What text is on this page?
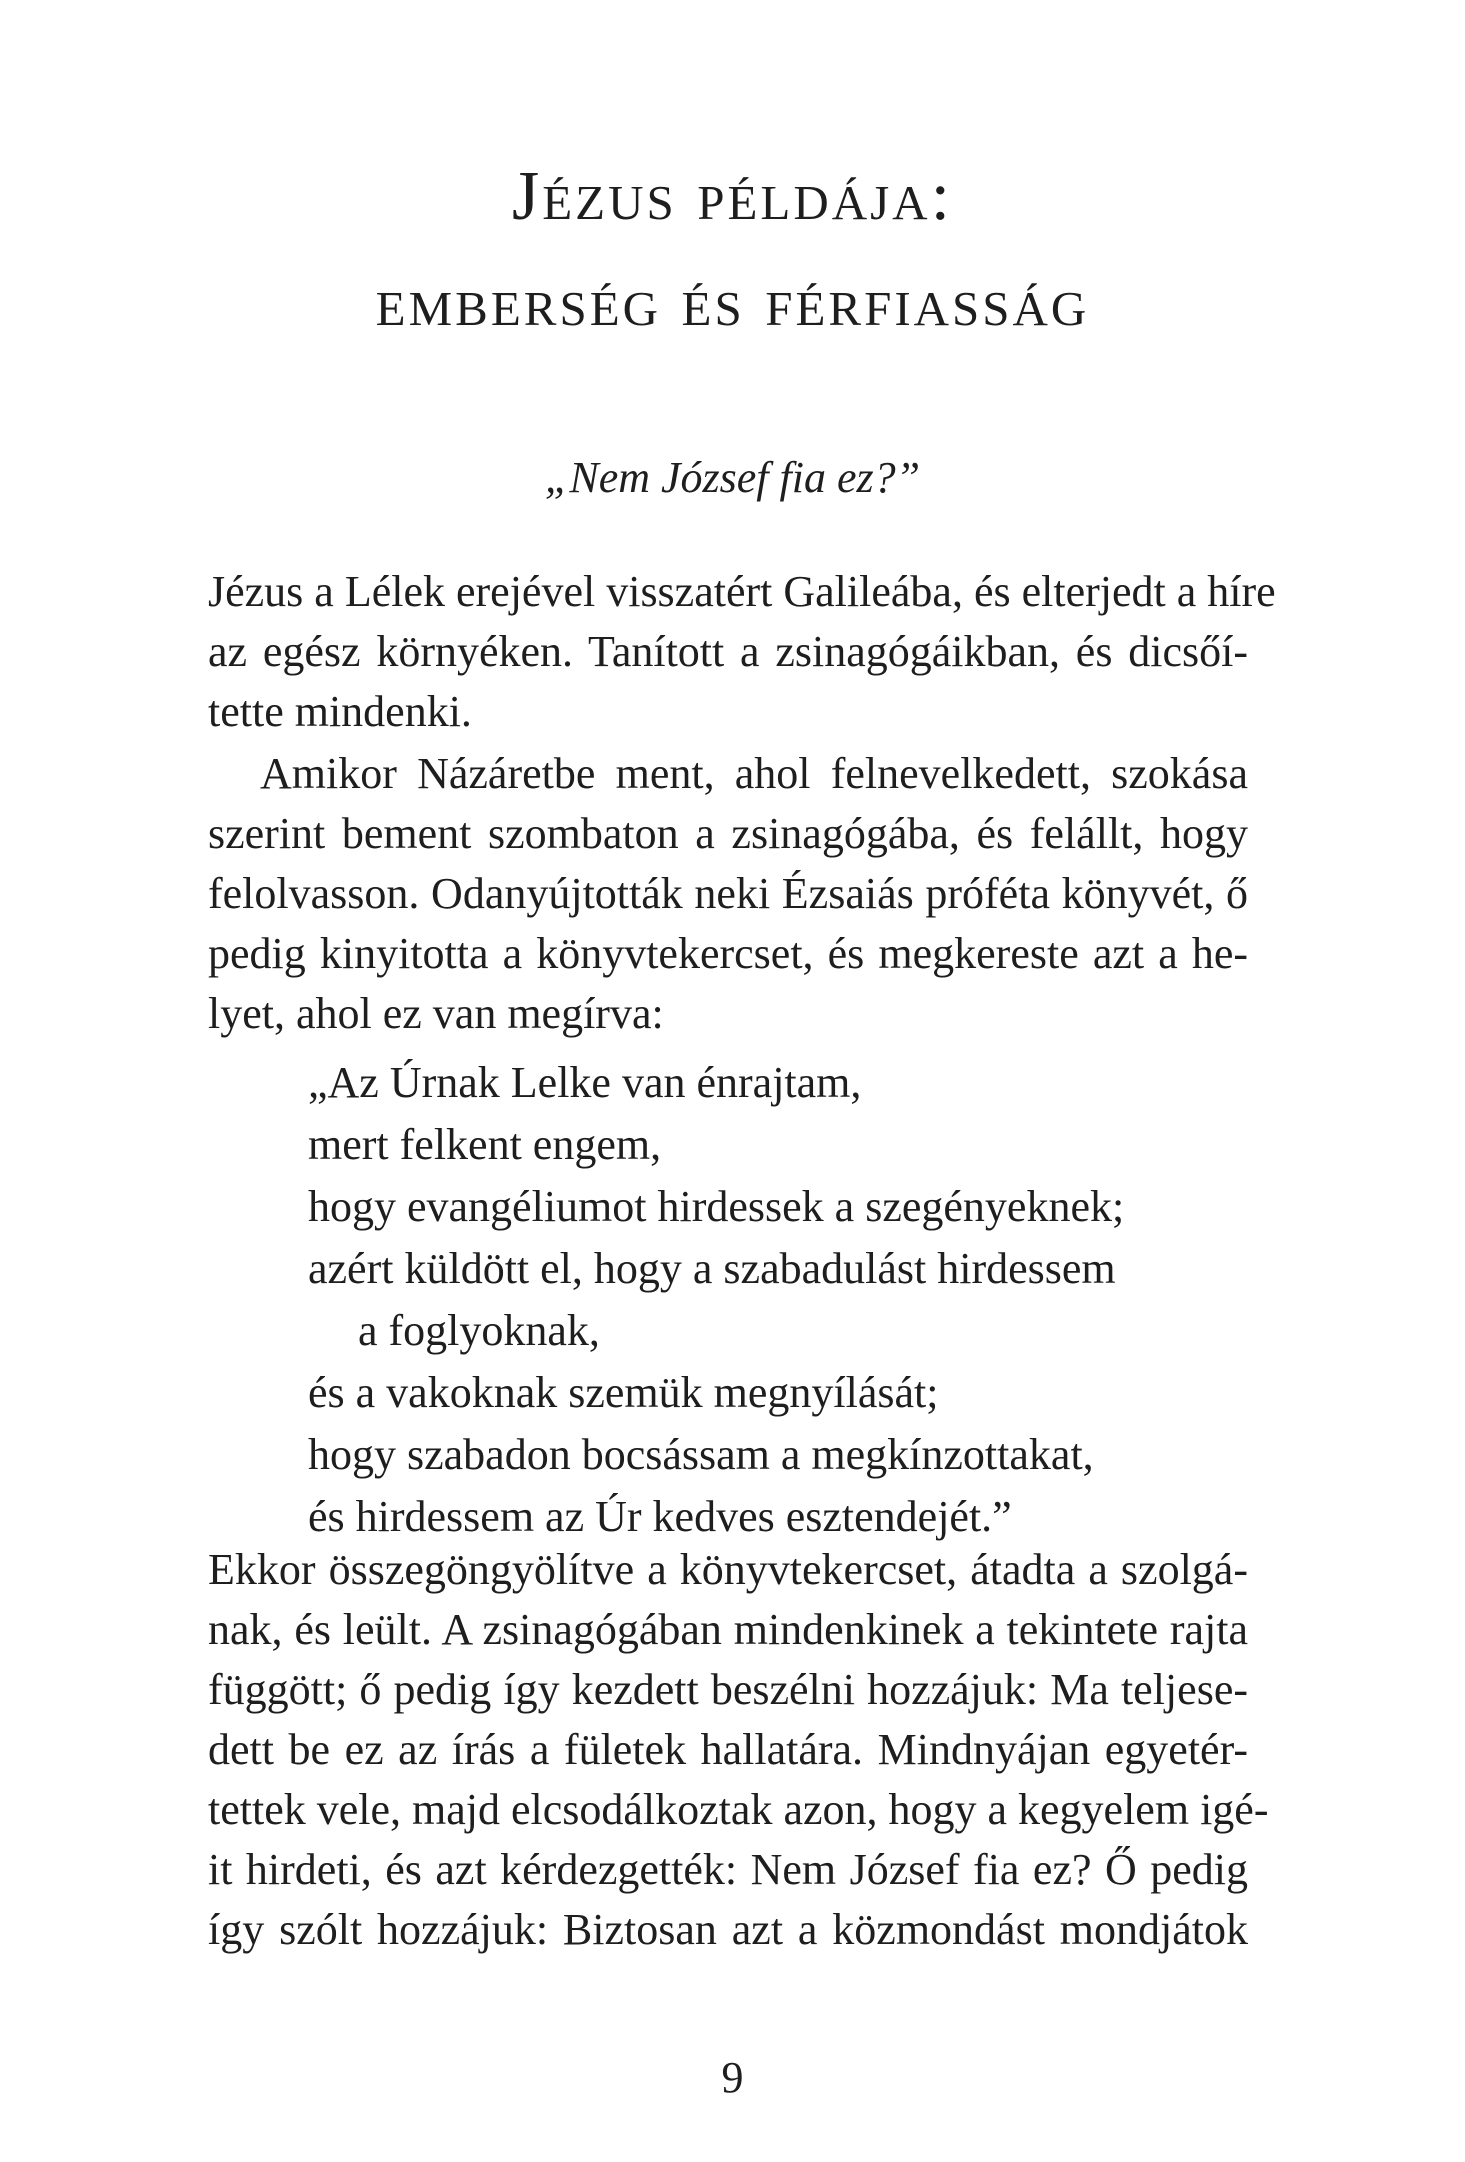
Jézus példája:
emberség és férfiasság
„Nem József fia ez?”
Jézus a Lélek erejével visszatért Galileába, és elterjedt a híre
az egész környéken. Tanított a zsinagógáikban, és dicsőí-
tette mindenki.
Amikor Názáretbe ment, ahol felnevelkedett, szokása
szerint bement szombaton a zsinagógába, és felállt, hogy
felolvasson. Odanyújtották neki Ézsaiás próféta könyvét, ő
pedig kinyitotta a könyvtekercset, és megkereste azt a he-
lyet, ahol ez van megírva:
„Az Úrnak Lelke van énrajtam,
mert felkent engem,
hogy evangéliumot hirdessek a szegényeknek;
azért küldött el, hogy a szabadulást hirdessem
a foglyoknak,
és a vakoknak szemük megnyílását;
hogy szabadon bocsássam a megkínzottakat,
és hirdessem az Úr kedves esztendejét.”
Ekkor összegöngyölítve a könyvtekercset, átadta a szolgá-
nak, és leült. A zsinagógában mindenkinek a tekintete rajta
függött; ő pedig így kezdett beszélni hozzájuk: Ma teljese-
dett be ez az írás a fületek hallatára. Mindnyájan egyetér-
tettek vele, majd elcsodálkoztak azon, hogy a kegyelem igé-
it hirdeti, és azt kérdezgették: Nem József fia ez? Ő pedig
így szólt hozzájuk: Biztosan azt a közmondást mondjátok
9
